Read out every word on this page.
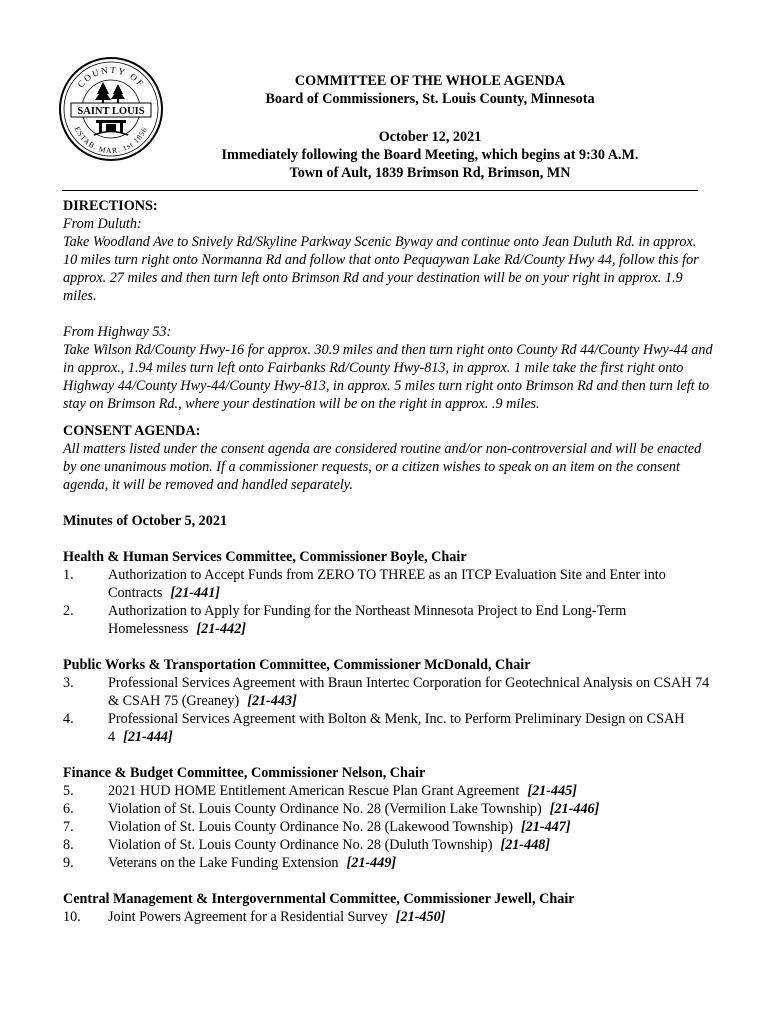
COUNTY OF
ESTAB. MAR. 1st 1856
SAINT LOUIS
COMMITTEE OF THE WHOLE AGENDA
Board of Commissioners, St. Louis County, Minnesota
October 12, 2021
Immediately following the Board Meeting, which begins at 9:30 A.M.
Town of Ault, 1839 Brimson Rd, Brimson, MN
DIRECTIONS:
From Duluth:

Take Woodland Ave to Snively Rd/Skyline Parkway Scenic Byway and continue onto Jean Duluth Rd. in approx. 10 miles turn right onto Normanna Rd and follow that onto Pequaywan Lake Rd/County Hwy 44, follow this for approx. 27 miles and then turn left onto Brimson Rd and your destination will be on your right in approx. 1.9 miles.

From Highway 53:

Take Wilson Rd/County Hwy-16 for approx. 30.9 miles and then turn right onto County Rd 44/County Hwy-44 and in approx., 1.94 miles turn left onto Fairbanks Rd/County Hwy-813, in approx. 1 mile take the first right onto Highway 44/County Hwy-44/County Hwy-813, in approx. 5 miles turn right onto Brimson Rd and then turn left to stay on Brimson Rd., where your destination will be on the right in approx. .9 miles.

CONSENT AGENDA:

All matters listed under the consent agenda are considered routine and/or non-controversial and will be enacted by one unanimous motion. If a commissioner requests, or a citizen wishes to speak on an item on the consent agenda, it will be removed and handled separately.

Minutes of October 5, 2021
Health & Human Services Committee, Commissioner Boyle, Chair
1.	Authorization to Accept Funds from ZERO TO THREE as an ITCP Evaluation Site and Enter into Contracts [21-441]
2.	Authorization to Apply for Funding for the Northeast Minnesota Project to End Long-Term Homelessness [21-442]
Public Works & Transportation Committee, Commissioner McDonald, Chair
3.	Professional Services Agreement with Braun Intertec Corporation for Geotechnical Analysis on CSAH 74 & CSAH 75 (Greaney) [21-443]
4.	Professional Services Agreement with Bolton & Menk, Inc. to Perform Preliminary Design on CSAH 4 [21-444]
Finance & Budget Committee, Commissioner Nelson, Chair
5.	2021 HUD HOME Entitlement American Rescue Plan Grant Agreement [21-445]
6.	Violation of St. Louis County Ordinance No. 28 (Vermilion Lake Township) [21-446]
7.	Violation of St. Louis County Ordinance No. 28 (Lakewood Township) [21-447]
8.	Violation of St. Louis County Ordinance No. 28 (Duluth Township) [21-448]
9.	Veterans on the Lake Funding Extension [21-449]
Central Management & Intergovernmental Committee, Commissioner Jewell, Chair
10.	Joint Powers Agreement for a Residential Survey [21-450]
